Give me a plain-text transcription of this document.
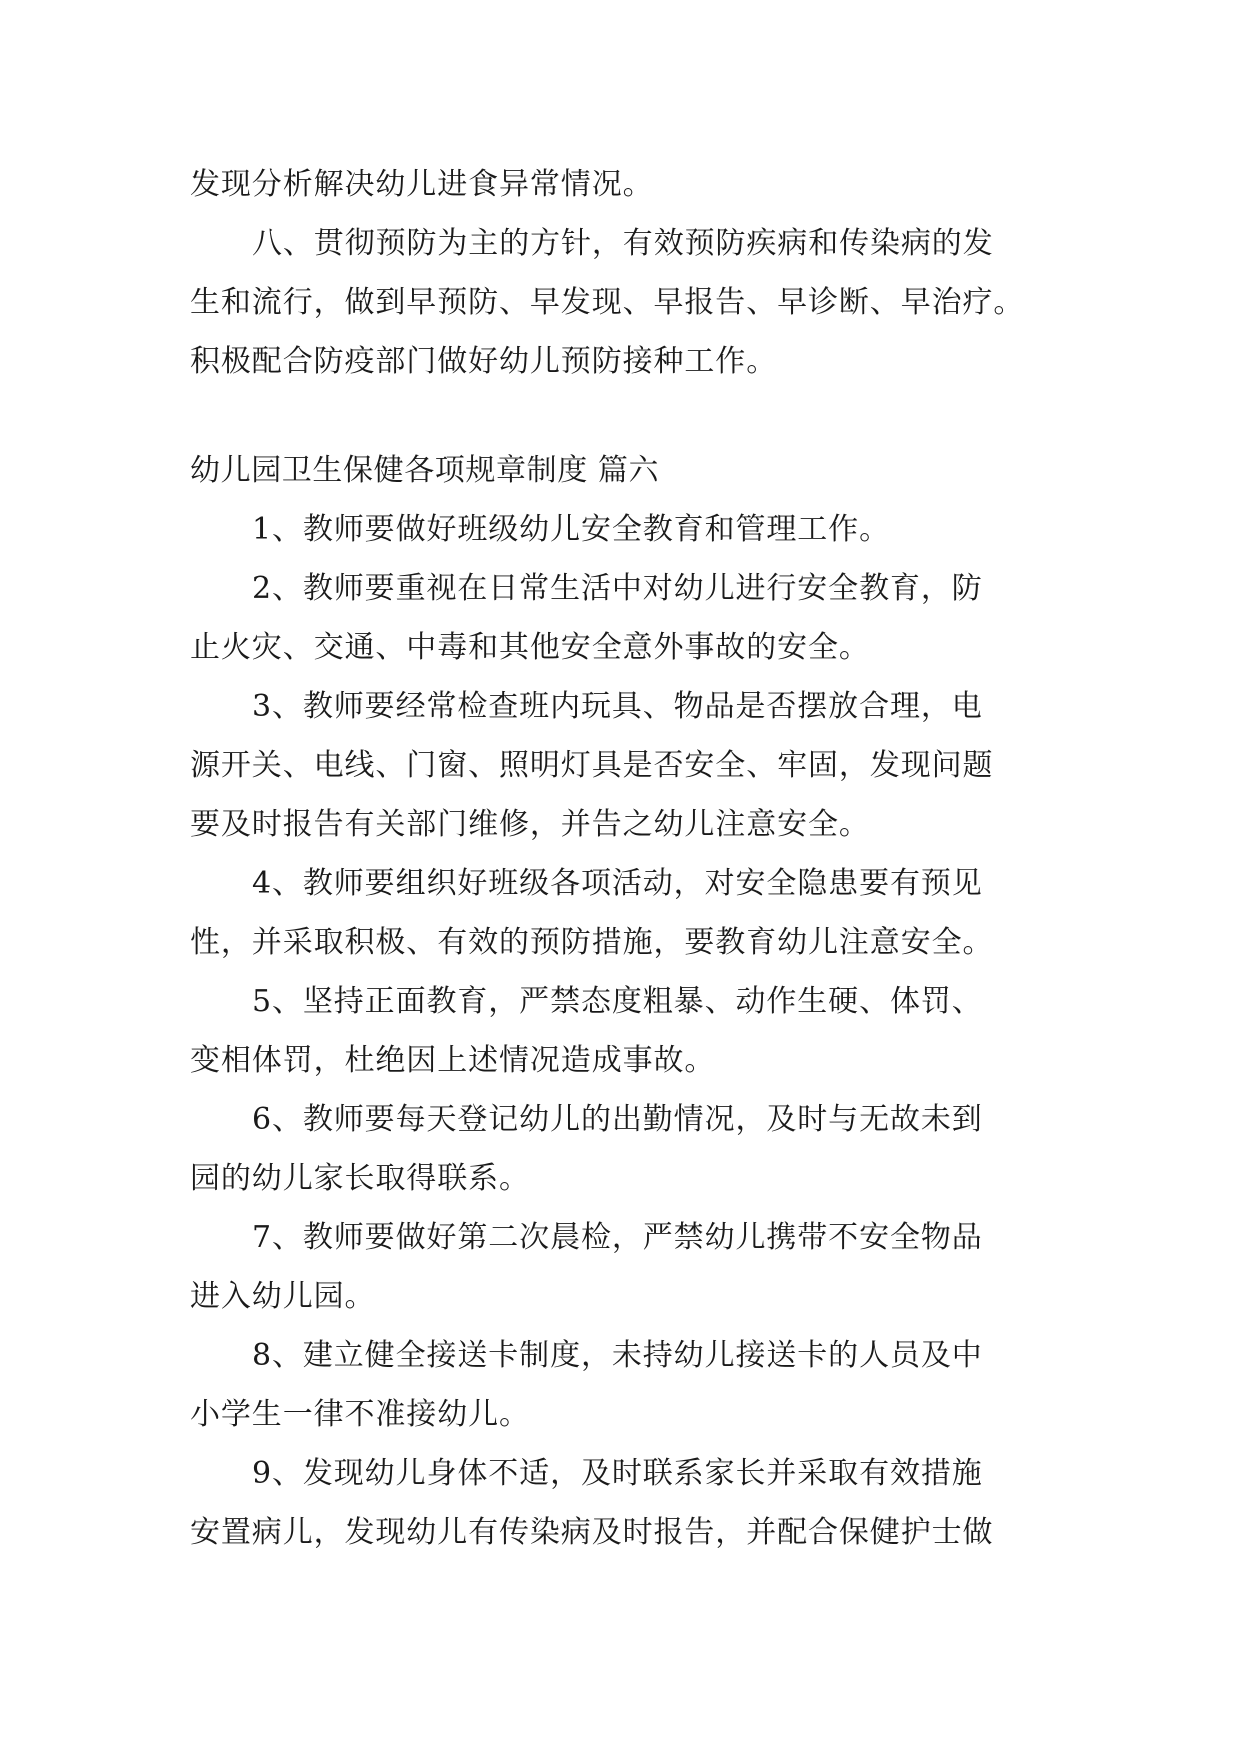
发现分析解决幼儿进食异常情况。
八、贯彻预防为主的方针，有效预防疾病和传染病的发
生和流行，做到早预防、早发现、早报告、早诊断、早治疗。
积极配合防疫部门做好幼儿预防接种工作。
幼儿园卫生保健各项规章制度 篇六
1、教师要做好班级幼儿安全教育和管理工作。
2、教师要重视在日常生活中对幼儿进行安全教育，防
止火灾、交通、中毒和其他安全意外事故的安全。
3、教师要经常检查班内玩具、物品是否摆放合理，电
源开关、电线、门窗、照明灯具是否安全、牢固，发现问题
要及时报告有关部门维修，并告之幼儿注意安全。
4、教师要组织好班级各项活动，对安全隐患要有预见
性，并采取积极、有效的预防措施，要教育幼儿注意安全。
5、坚持正面教育，严禁态度粗暴、动作生硬、体罚、
变相体罚，杜绝因上述情况造成事故。
6、教师要每天登记幼儿的出勤情况，及时与无故未到
园的幼儿家长取得联系。
7、教师要做好第二次晨检，严禁幼儿携带不安全物品
进入幼儿园。
8、建立健全接送卡制度，未持幼儿接送卡的人员及中
小学生一律不准接幼儿。
9、发现幼儿身体不适，及时联系家长并采取有效措施
安置病儿，发现幼儿有传染病及时报告，并配合保健护士做
